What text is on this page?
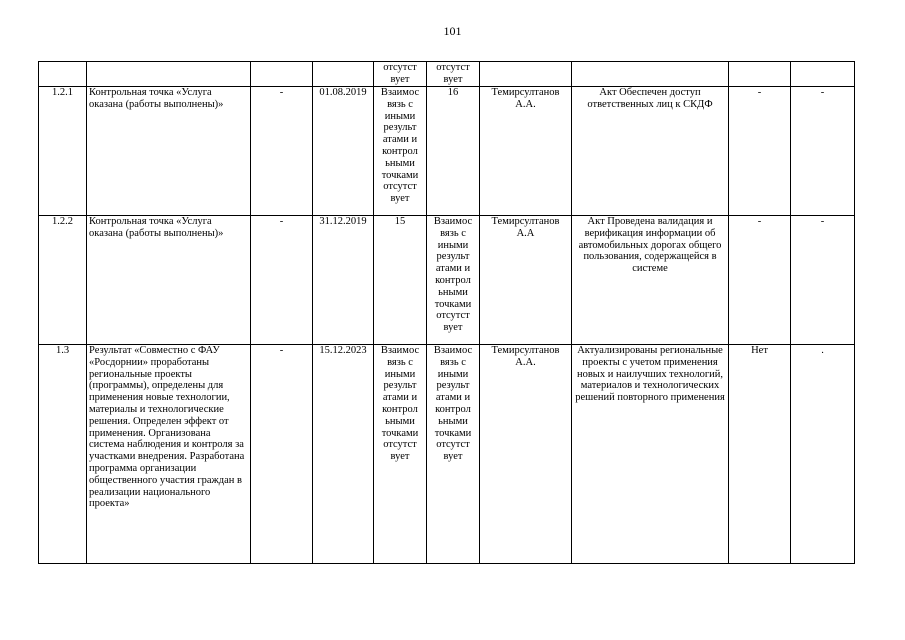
101
				отсутст вует	отсутст вует				
1.2.1	Контрольная точка «Услуга оказана (работы выполнены)»	-	01.08.2019	Взаимос вязь с иными результ атами и контрол ьными точками отсутст вует	16	Темирсултанов А.А.	Акт Обеспечен доступ ответственных лиц к СКДФ	-	-
1.2.2	Контрольная точка «Услуга оказана (работы выполнены)»	-	31.12.2019	15	Взаимос вязь с иными результ атами и контрол ьными точками отсутст вует	Темирсултанов А.А	Акт Проведена валидация и верификация информации об автомобильных дорогах общего пользования, содержащейся в системе	-	-
1.3	Результат «Совместно с ФАУ «Росдорнии» проработаны региональные проекты (программы), определены для применения новые технологии, материалы и технологические решения. Определен эффект от применения. Организована система наблюдения и контроля за участками внедрения. Разработана программа организации общественного участия граждан в реализации национального проекта»	-	15.12.2023	Взаимос вязь с иными результ атами и контрол ьными точками отсутст вует	Взаимос вязь с иными результ атами и контрол ьными точками отсутст вует	Темирсултанов А.А.	Актуализированы региональные проекты с учетом применения новых и наилучших технологий, материалов и технологических решений повторного применения	Нет	.
